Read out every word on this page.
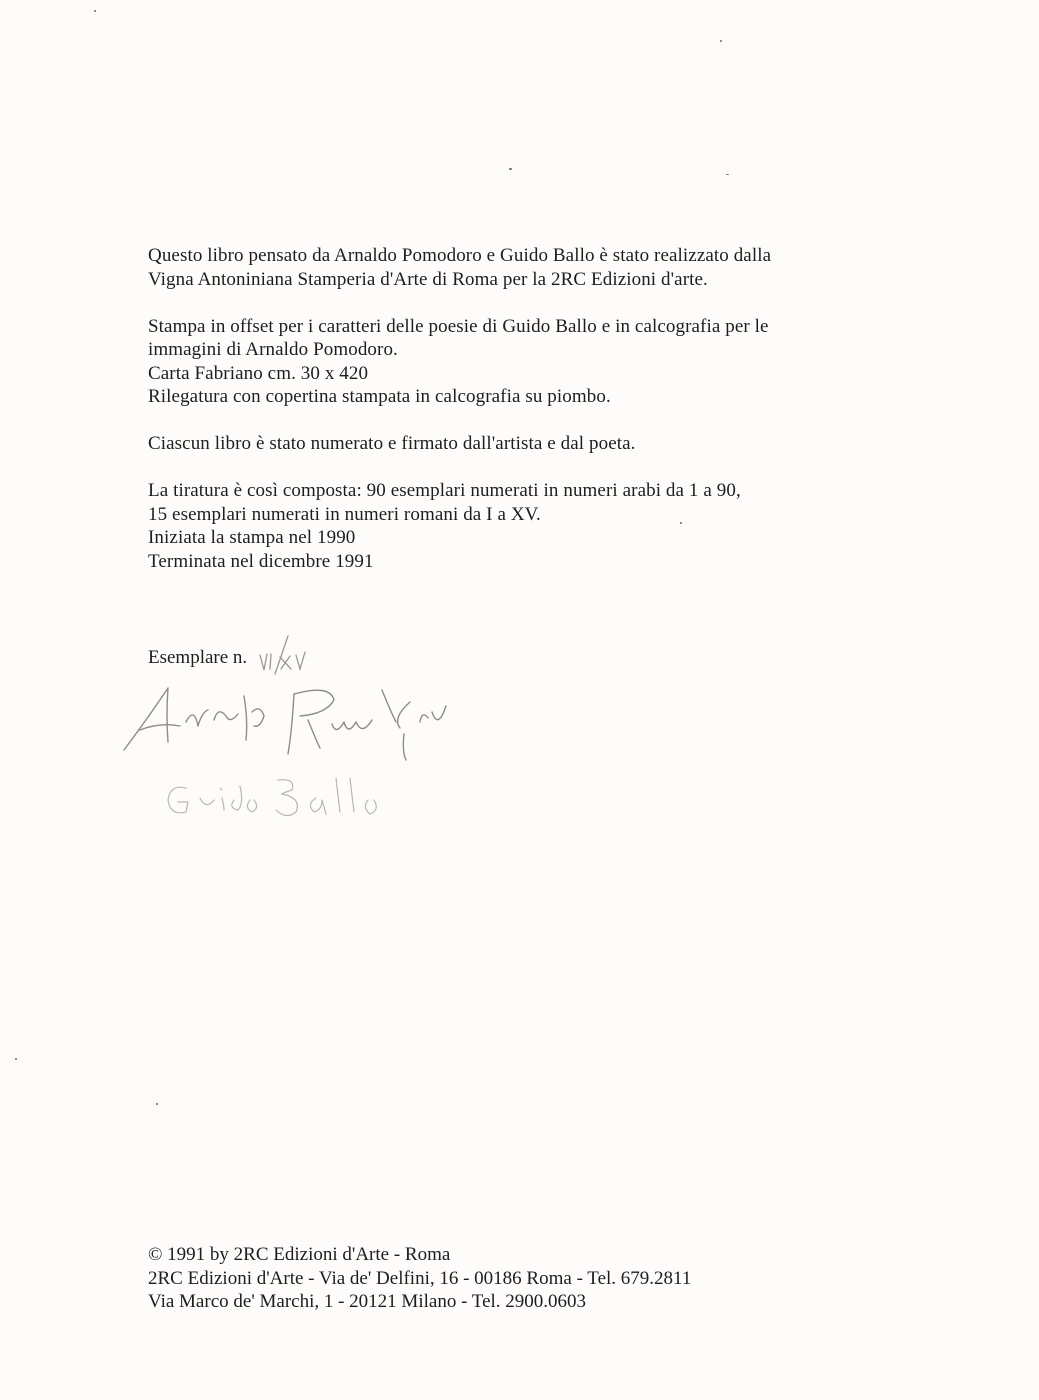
Questo libro pensato da Arnaldo Pomodoro e Guido Ballo è stato realizzato dalla
Vigna Antoniniana Stamperia d'Arte di Roma per la 2RC Edizioni d'arte.

Stampa in offset per i caratteri delle poesie di Guido Ballo e in calcografia per le
immagini di Arnaldo Pomodoro.
Carta Fabriano cm. 30 x 420
Rilegatura con copertina stampata in calcografia su piombo.

Ciascun libro è stato numerato e firmato dall'artista e dal poeta.

La tiratura è così composta: 90 esemplari numerati in numeri arabi da 1 a 90,
15 esemplari numerati in numeri romani da I a XV.
Iniziata la stampa nel 1990
Terminata nel dicembre 1991

Esemplare n.
© 1991 by 2RC Edizioni d'Arte - Roma
2RC Edizioni d'Arte - Via de' Delfini, 16 - 00186 Roma - Tel. 679.2811
Via Marco de' Marchi, 1 - 20121 Milano - Tel. 2900.0603
